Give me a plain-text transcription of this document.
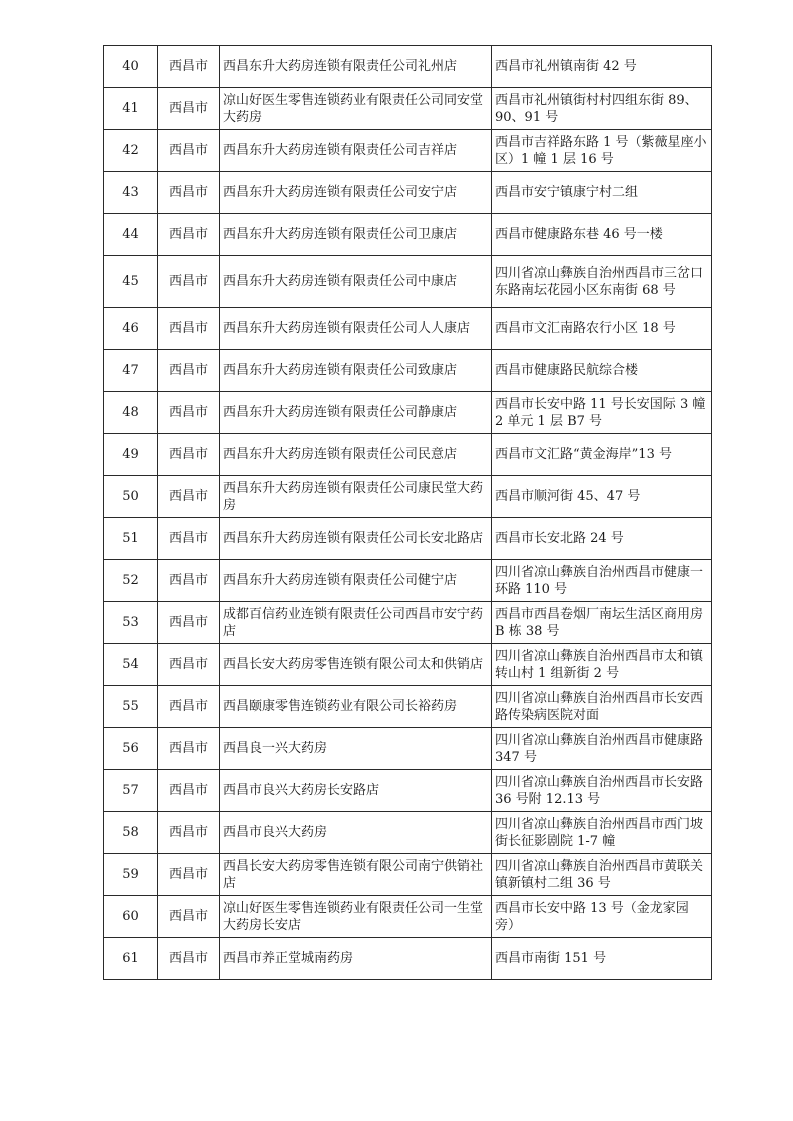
40	西昌市	西昌东升大药房连锁有限责任公司礼州店	西昌市礼州镇南街 42 号
41	西昌市	凉山好医生零售连锁药业有限责任公司同安堂大药房	西昌市礼州镇街村村四组东街 89、90、91 号
42	西昌市	西昌东升大药房连锁有限责任公司吉祥店	西昌市吉祥路东路 1 号（紫薇星座小区）1 幢 1 层 16 号
43	西昌市	西昌东升大药房连锁有限责任公司安宁店	西昌市安宁镇康宁村二组
44	西昌市	西昌东升大药房连锁有限责任公司卫康店	西昌市健康路东巷 46 号一楼
45	西昌市	西昌东升大药房连锁有限责任公司中康店	四川省凉山彝族自治州西昌市三岔口东路南坛花园小区东南街 68 号
46	西昌市	西昌东升大药房连锁有限责任公司人人康店	西昌市文汇南路农行小区 18 号
47	西昌市	西昌东升大药房连锁有限责任公司致康店	西昌市健康路民航综合楼
48	西昌市	西昌东升大药房连锁有限责任公司静康店	西昌市长安中路 11 号长安国际 3 幢 2 单元 1 层 B7 号
49	西昌市	西昌东升大药房连锁有限责任公司民意店	西昌市文汇路“黄金海岸”13 号
50	西昌市	西昌东升大药房连锁有限责任公司康民堂大药房	西昌市顺河街 45、47 号
51	西昌市	西昌东升大药房连锁有限责任公司长安北路店	西昌市长安北路 24 号
52	西昌市	西昌东升大药房连锁有限责任公司健宁店	四川省凉山彝族自治州西昌市健康一环路 110 号
53	西昌市	成都百信药业连锁有限责任公司西昌市安宁药店	西昌市西昌卷烟厂南坛生活区商用房 B 栋 38 号
54	西昌市	西昌长安大药房零售连锁有限公司太和供销店	四川省凉山彝族自治州西昌市太和镇转山村 1 组新街 2 号
55	西昌市	西昌颐康零售连锁药业有限公司长裕药房	四川省凉山彝族自治州西昌市长安西路传染病医院对面
56	西昌市	西昌良一兴大药房	四川省凉山彝族自治州西昌市健康路 347 号
57	西昌市	西昌市良兴大药房长安路店	四川省凉山彝族自治州西昌市长安路 36 号附 12.13 号
58	西昌市	西昌市良兴大药房	四川省凉山彝族自治州西昌市西门坡街长征影剧院 1-7 幢
59	西昌市	西昌长安大药房零售连锁有限公司南宁供销社店	四川省凉山彝族自治州西昌市黄联关镇新镇村二组 36 号
60	西昌市	凉山好医生零售连锁药业有限责任公司一生堂大药房长安店	西昌市长安中路 13 号（金龙家园旁）
61	西昌市	西昌市养正堂城南药房	西昌市南街 151 号
